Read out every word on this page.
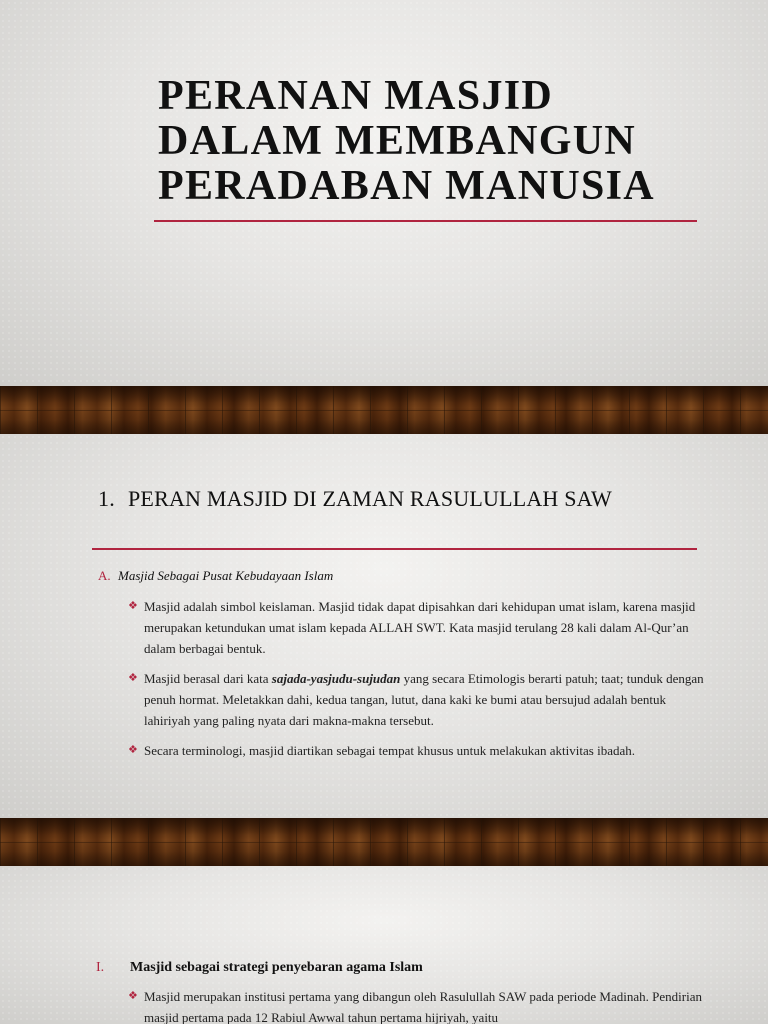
PERANAN MASJID
DALAM MEMBANGUN
PERADABAN MANUSIA
1. PERAN MASJID DI ZAMAN RASULULLAH SAW
A. Masjid Sebagai Pusat Kebudayaan Islam
❖ Masjid adalah simbol keislaman. Masjid tidak dapat dipisahkan dari kehidupan umat islam, karena masjid merupakan ketundukan umat islam kepada ALLAH SWT. Kata masjid terulang 28 kali dalam Al-Qur’an dalam berbagai bentuk.
❖ Masjid berasal dari kata sajada-yasjudu-sujudan yang secara Etimologis berarti patuh; taat; tunduk dengan penuh hormat. Meletakkan dahi, kedua tangan, lutut, dana kaki ke bumi atau bersujud adalah bentuk lahiriyah yang paling nyata dari makna-makna tersebut.
❖ Secara terminologi, masjid diartikan sebagai tempat khusus untuk melakukan aktivitas ibadah.
I. Masjid sebagai strategi penyebaran agama Islam
❖ Masjid merupakan institusi pertama yang dibangun oleh Rasulullah SAW pada periode Madinah. Pendirian masjid pertama pada 12 Rabiul Awwal tahun pertama hijriyah, yaitu
